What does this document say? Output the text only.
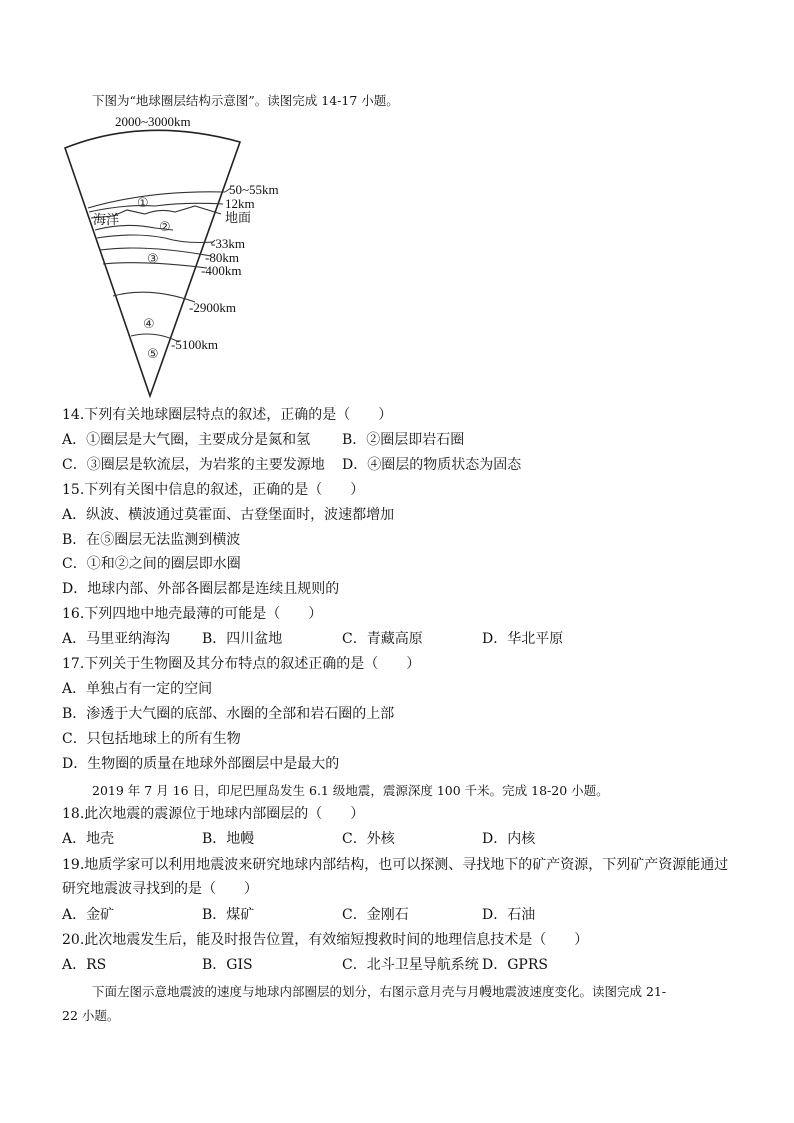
下图为“地球圈层结构示意图”。读图完成 14-17 小题。
2000~3000km
50~55km
12km
地面
海洋
-33km
-80km
-400km
-2900km
-5100km
①
②
③
④
⑤
14.下列有关地球圈层特点的叙述，正确的是（　　）
A．①圈层是大气圈，主要成分是氮和氢 B．②圈层即岩石圈
C．③圈层是软流层，为岩浆的主要发源地 D．④圈层的物质状态为固态
15.下列有关图中信息的叙述，正确的是（　　）
A．纵波、横波通过莫霍面、古登堡面时，波速都增加
B．在⑤圈层无法监测到横波
C．①和②之间的圈层即水圈
D．地球内部、外部各圈层都是连续且规则的
16.下列四地中地壳最薄的可能是（　　）
A．马里亚纳海沟 B．四川盆地	C．青藏高原	D．华北平原
17.下列关于生物圈及其分布特点的叙述正确的是（　　）
A．单独占有一定的空间
B．渗透于大气圈的底部、水圈的全部和岩石圈的上部
C．只包括地球上的所有生物
D．生物圈的质量在地球外部圈层中是最大的
2019 年 7 月 16 日，印尼巴厘岛发生 6.1 级地震，震源深度 100 千米。完成 18-20 小题。
18.此次地震的震源位于地球内部圈层的（　　）
A．地壳	B．地幔	C．外核	D．内核
19.地质学家可以利用地震波来研究地球内部结构，也可以探测、寻找地下的矿产资源，下列矿产资源能通过
研究地震波寻找到的是（　　）
A．金矿	B．煤矿	C．金刚石	D．石油
20.此次地震发生后，能及时报告位置，有效缩短搜救时间的地理信息技术是（　　）
A．RS	B．GIS	C．北斗卫星导航系统 D．GPRS
下面左图示意地震波的速度与地球内部圈层的划分，右图示意月壳与月幔地震波速度变化。读图完成 21-
22 小题。
